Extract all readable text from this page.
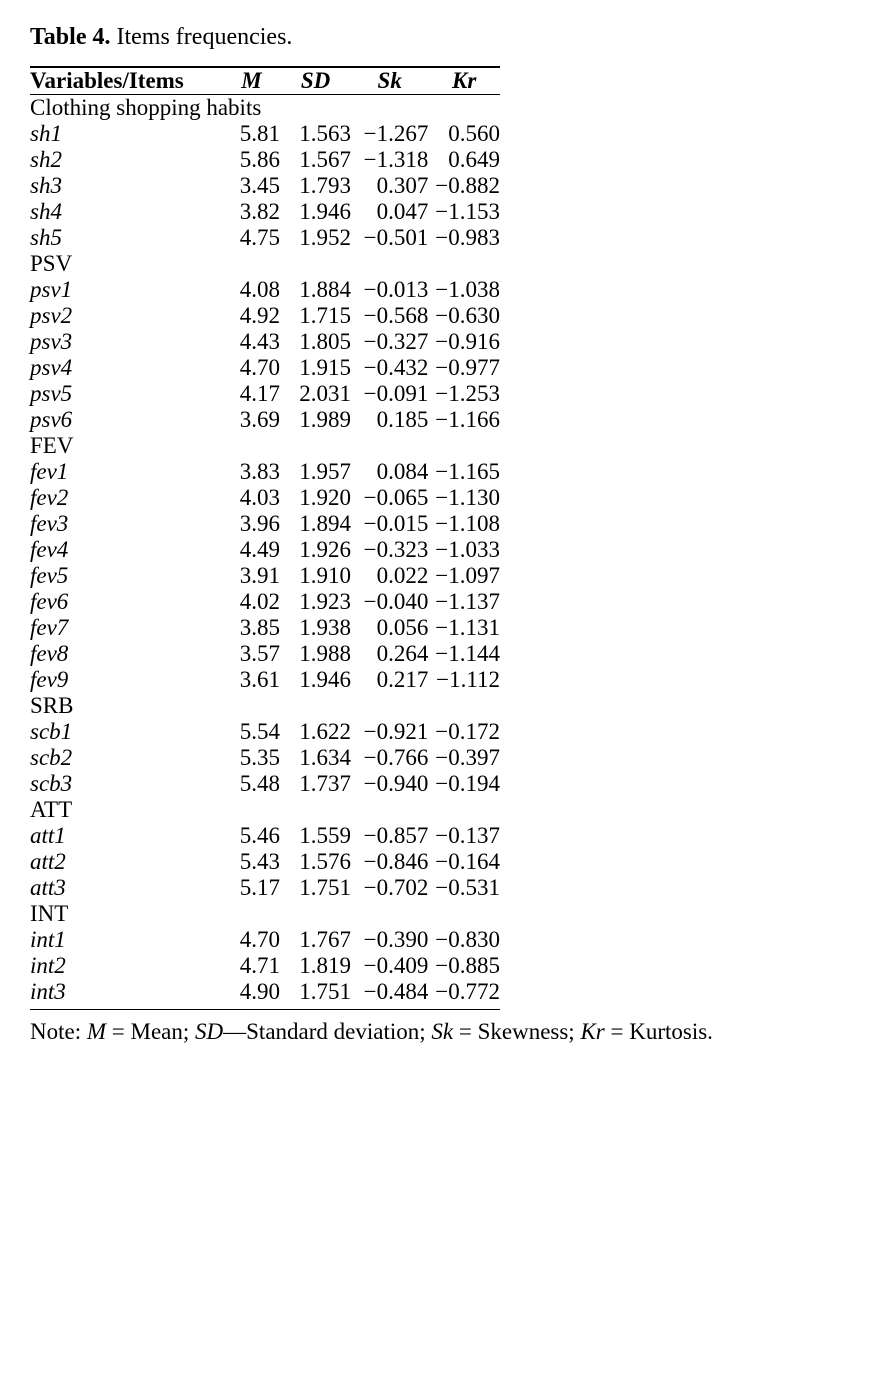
Table 4. Items frequencies.
Variables/Items	M	SD	Sk	Kr
Clothing shopping habits				
sh1	5.81	1.563	−1.267	0.560
sh2	5.86	1.567	−1.318	0.649
sh3	3.45	1.793	0.307	−0.882
sh4	3.82	1.946	0.047	−1.153
sh5	4.75	1.952	−0.501	−0.983
PSV				
psv1	4.08	1.884	−0.013	−1.038
psv2	4.92	1.715	−0.568	−0.630
psv3	4.43	1.805	−0.327	−0.916
psv4	4.70	1.915	−0.432	−0.977
psv5	4.17	2.031	−0.091	−1.253
psv6	3.69	1.989	0.185	−1.166
FEV				
fev1	3.83	1.957	0.084	−1.165
fev2	4.03	1.920	−0.065	−1.130
fev3	3.96	1.894	−0.015	−1.108
fev4	4.49	1.926	−0.323	−1.033
fev5	3.91	1.910	0.022	−1.097
fev6	4.02	1.923	−0.040	−1.137
fev7	3.85	1.938	0.056	−1.131
fev8	3.57	1.988	0.264	−1.144
fev9	3.61	1.946	0.217	−1.112
SRB				
scb1	5.54	1.622	−0.921	−0.172
scb2	5.35	1.634	−0.766	−0.397
scb3	5.48	1.737	−0.940	−0.194
ATT				
att1	5.46	1.559	−0.857	−0.137
att2	5.43	1.576	−0.846	−0.164
att3	5.17	1.751	−0.702	−0.531
INT				
int1	4.70	1.767	−0.390	−0.830
int2	4.71	1.819	−0.409	−0.885
int3	4.90	1.751	−0.484	−0.772

Note: M = Mean; SD—Standard deviation; Sk = Skewness; Kr = Kurtosis.
